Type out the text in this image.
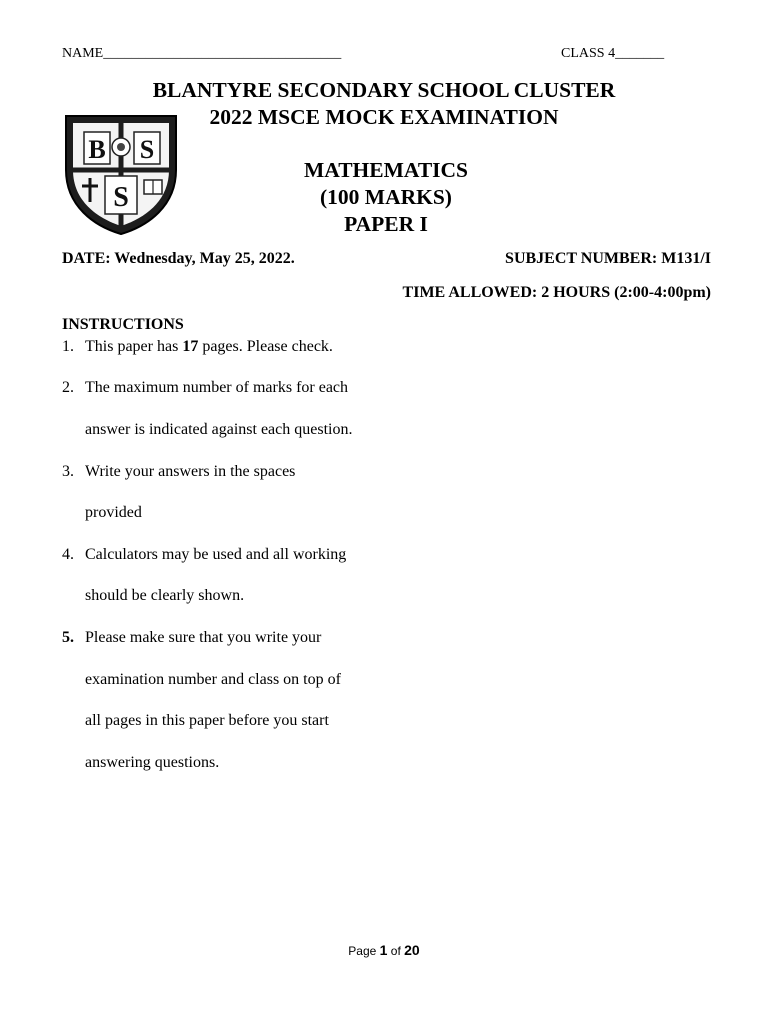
NAME__________________________________	CLASS 4_______
BLANTYRE SECONDARY SCHOOL CLUSTER
2022 MSCE MOCK EXAMINATION
B S
S
MATHEMATICS
(100 MARKS)
PAPER I
DATE: Wednesday, May 25, 2022.	SUBJECT NUMBER: M131/I
TIME ALLOWED: 2 HOURS (2:00-4:00pm)
INSTRUCTIONS
1. This paper has 17 pages. Please check.
2. The maximum number of marks for each
answer is indicated against each question.
3. Write your answers in the spaces
provided
4. Calculators may be used and all working
should be clearly shown.
5. Please make sure that you write your
examination number and class on top of
all pages in this paper before you start
answering questions.
Page 1 of 20
